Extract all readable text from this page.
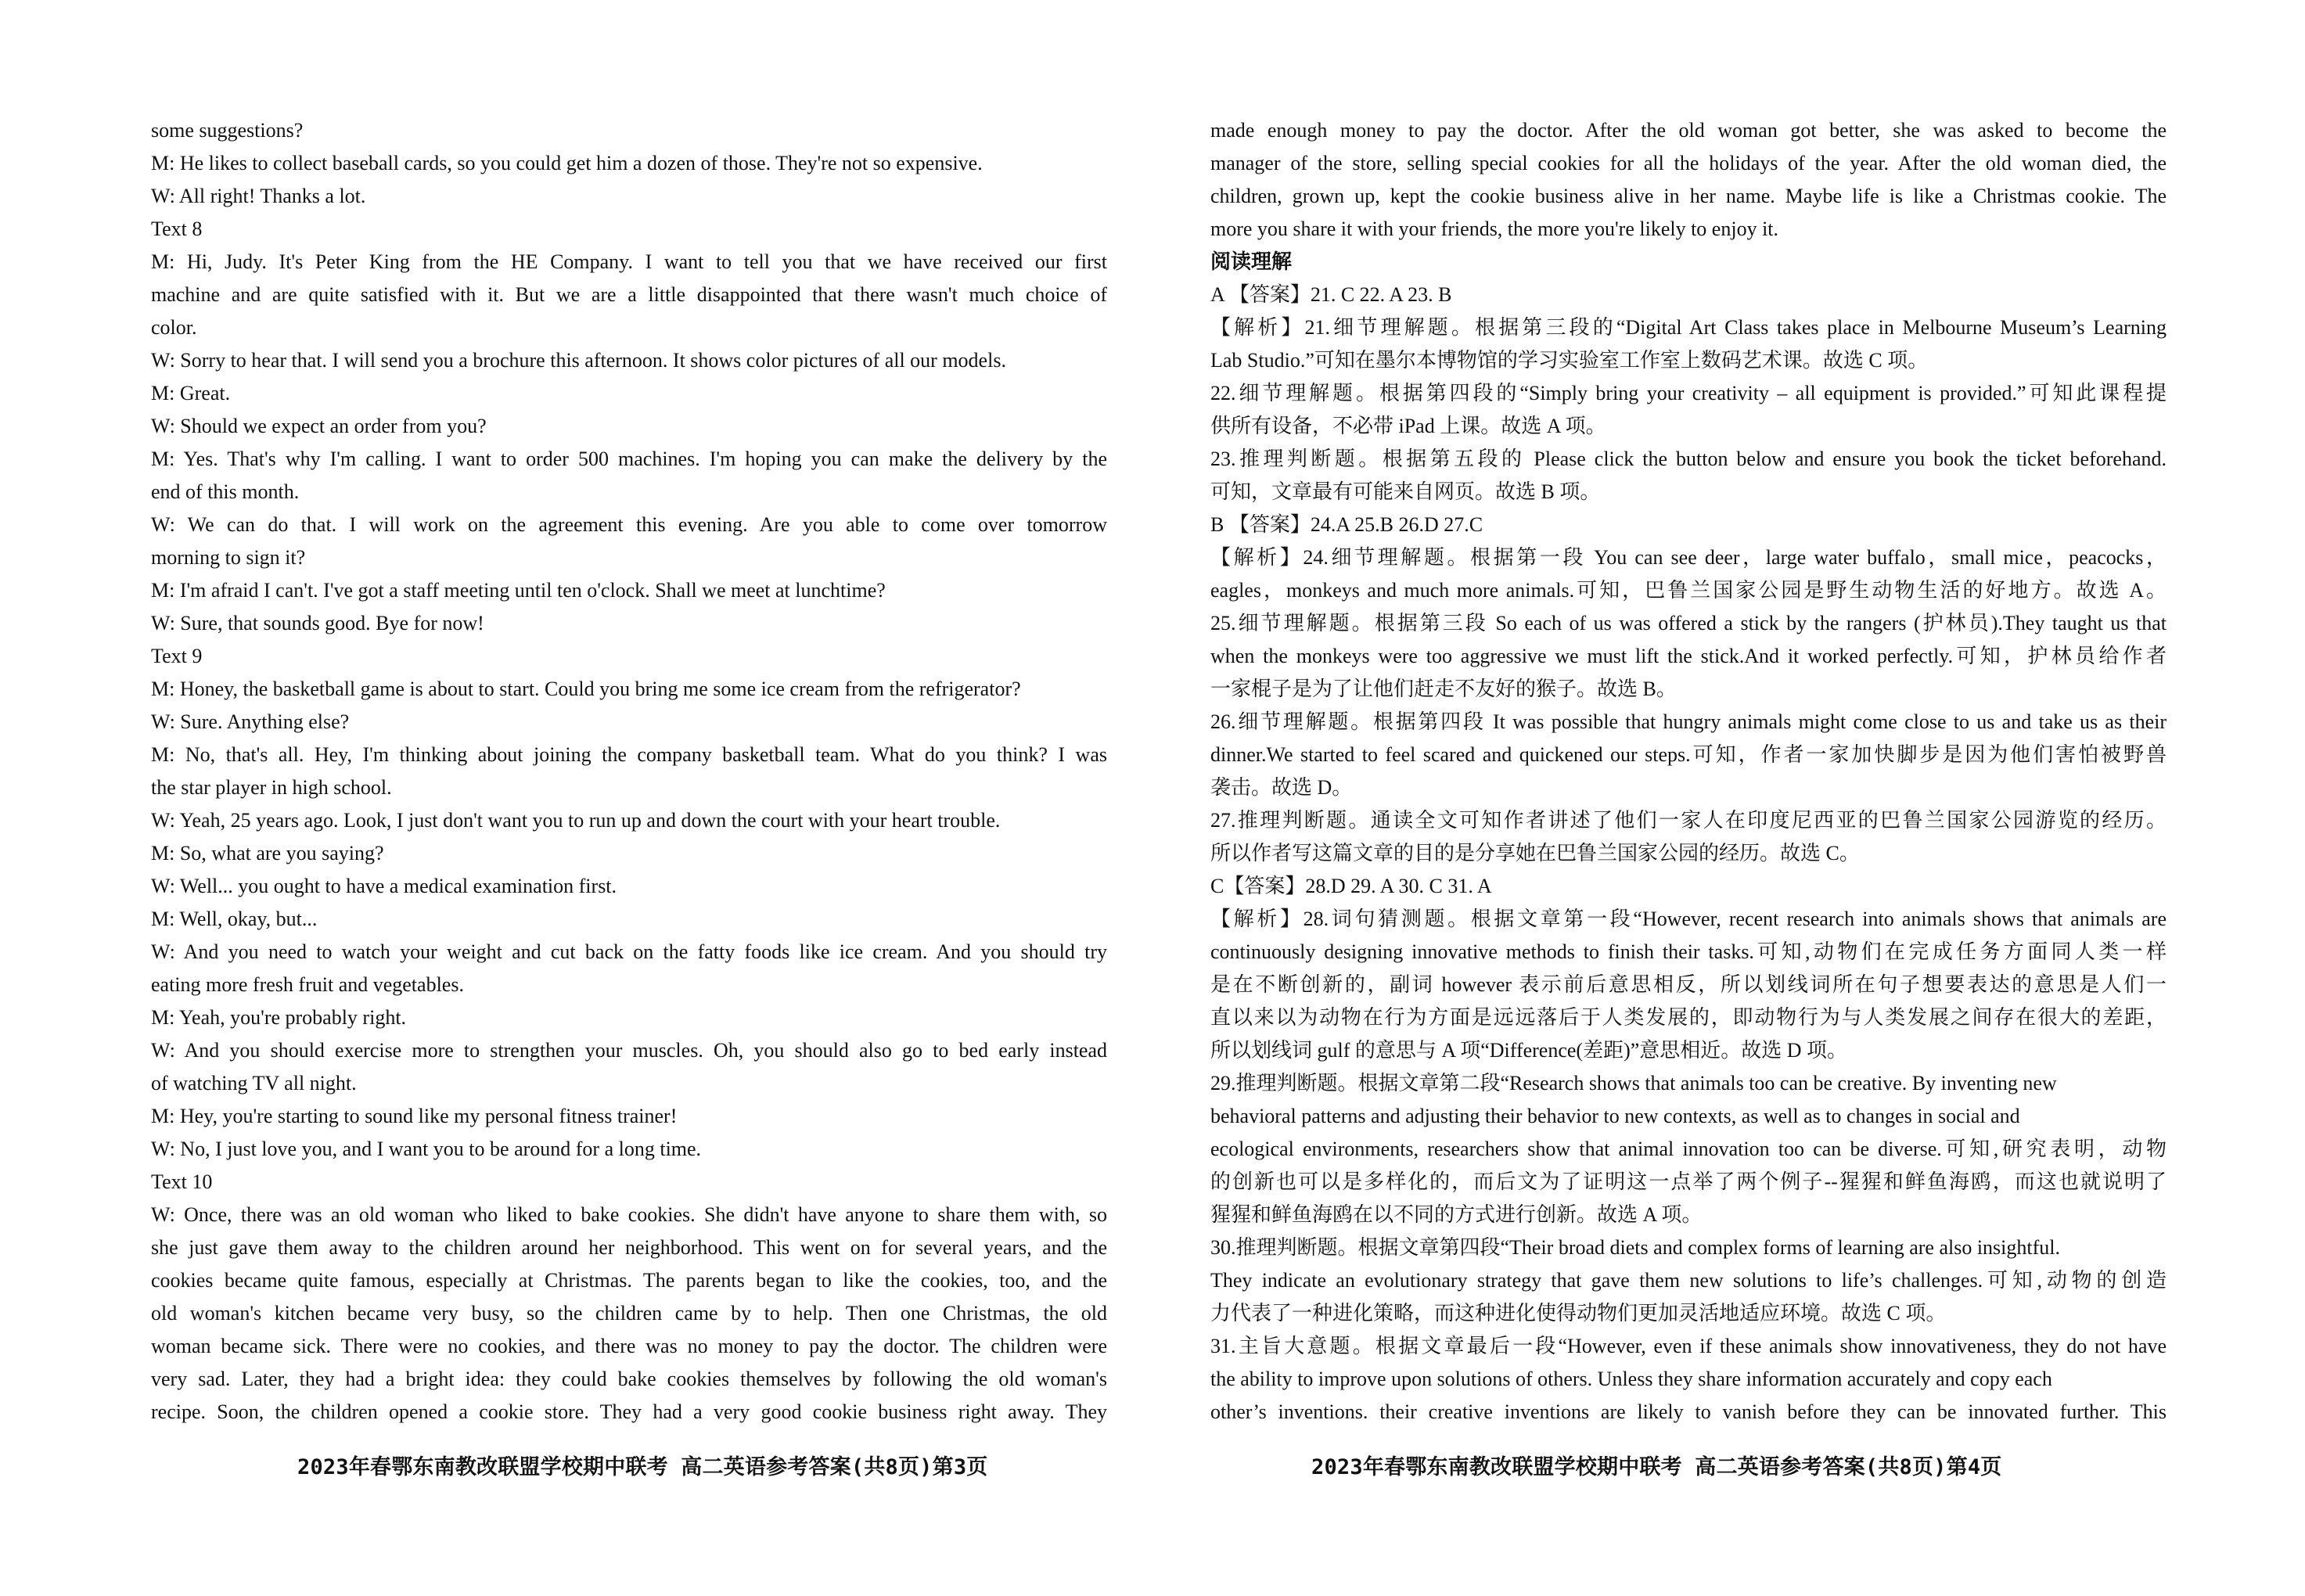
some suggestions?
M: He likes to collect baseball cards, so you could get him a dozen of those. They're not so expensive.
W: All right! Thanks a lot.
Text 8
M: Hi, Judy. It's Peter King from the HE Company. I want to tell you that we have received our first
machine and are quite satisfied with it. But we are a little disappointed that there wasn't much choice of
color.
W: Sorry to hear that. I will send you a brochure this afternoon. It shows color pictures of all our models.
M: Great.
W: Should we expect an order from you?
M: Yes. That's why I'm calling. I want to order 500 machines. I'm hoping you can make the delivery by the
end of this month.
W: We can do that. I will work on the agreement this evening. Are you able to come over tomorrow
morning to sign it?
M: I'm afraid I can't. I've got a staff meeting until ten o'clock. Shall we meet at lunchtime?
W: Sure, that sounds good. Bye for now!
Text 9
M: Honey, the basketball game is about to start. Could you bring me some ice cream from the refrigerator?
W: Sure. Anything else?
M: No, that's all. Hey, I'm thinking about joining the company basketball team. What do you think? I was
the star player in high school.
W: Yeah, 25 years ago. Look, I just don't want you to run up and down the court with your heart trouble.
M: So, what are you saying?
W: Well... you ought to have a medical examination first.
M: Well, okay, but...
W: And you need to watch your weight and cut back on the fatty foods like ice cream. And you should try
eating more fresh fruit and vegetables.
M: Yeah, you're probably right.
W: And you should exercise more to strengthen your muscles. Oh, you should also go to bed early instead
of watching TV all night.
M: Hey, you're starting to sound like my personal fitness trainer!
W: No, I just love you, and I want you to be around for a long time.
Text 10
W: Once, there was an old woman who liked to bake cookies. She didn't have anyone to share them with, so
she just gave them away to the children around her neighborhood. This went on for several years, and the
cookies became quite famous, especially at Christmas. The parents began to like the cookies, too, and the
old woman's kitchen became very busy, so the children came by to help. Then one Christmas, the old
woman became sick. There were no cookies, and there was no money to pay the doctor. The children were
very sad. Later, they had a bright idea: they could bake cookies themselves by following the old woman's
recipe. Soon, the children opened a cookie store. They had a very good cookie business right away. They
made enough money to pay the doctor. After the old woman got better, she was asked to become the
manager of the store, selling special cookies for all the holidays of the year. After the old woman died, the
children, grown up, kept the cookie business alive in her name. Maybe life is like a Christmas cookie. The
more you share it with your friends, the more you're likely to enjoy it.
阅读理解
A 【答案】21. C 22. A 23. B
【解析】21.细节理解题。根据第三段的“Digital Art Class takes place in Melbourne Museum’s Learning
Lab Studio.”可知在墨尔本博物馆的学习实验室工作室上数码艺术课。故选 C 项。
22.细节理解题。根据第四段的“Simply bring your creativity – all equipment is provided.”可知此课程提
供所有设备，不必带 iPad 上课。故选 A 项。
23.推理判断题。根据第五段的 Please click the button below and ensure you book the ticket beforehand.
可知，文章最有可能来自网页。故选 B 项。
B 【答案】24.A 25.B 26.D 27.C
【解析】24.细节理解题。根据第一段 You can see deer，large water buffalo，small mice，peacocks，
eagles，monkeys and much more animals.可知，巴鲁兰国家公园是野生动物生活的好地方。故选 A。
25.细节理解题。根据第三段 So each of us was offered a stick by the rangers (护林员).They taught us that
when the monkeys were too aggressive we must lift the stick.And it worked perfectly.可知，护林员给作者
一家棍子是为了让他们赶走不友好的猴子。故选 B。
26.细节理解题。根据第四段 It was possible that hungry animals might come close to us and take us as their
dinner.We started to feel scared and quickened our steps.可知，作者一家加快脚步是因为他们害怕被野兽
袭击。故选 D。
27.推理判断题。通读全文可知作者讲述了他们一家人在印度尼西亚的巴鲁兰国家公园游览的经历。
所以作者写这篇文章的目的是分享她在巴鲁兰国家公园的经历。故选 C。
C【答案】28.D 29. A 30. C 31. A
【解析】28.词句猜测题。根据文章第一段“However, recent research into animals shows that animals are
continuously designing innovative methods to finish their tasks.可知,动物们在完成任务方面同人类一样
是在不断创新的，副词 however 表示前后意思相反，所以划线词所在句子想要表达的意思是人们一
直以来以为动物在行为方面是远远落后于人类发展的，即动物行为与人类发展之间存在很大的差距，
所以划线词 gulf 的意思与 A 项“Difference(差距)”意思相近。故选 D 项。
29.推理判断题。根据文章第二段“Research shows that animals too can be creative. By inventing new
behavioral patterns and adjusting their behavior to new contexts, as well as to changes in social and
ecological environments, researchers show that animal innovation too can be diverse.可知,研究表明，动物
的创新也可以是多样化的，而后文为了证明这一点举了两个例子--猩猩和鲜鱼海鸥，而这也就说明了
猩猩和鲜鱼海鸥在以不同的方式进行创新。故选 A 项。
30.推理判断题。根据文章第四段“Their broad diets and complex forms of learning are also insightful.
They indicate an evolutionary strategy that gave them new solutions to life’s challenges.可知,动物的创造
力代表了一种进化策略，而这种进化使得动物们更加灵活地适应环境。故选 C 项。
31.主旨大意题。根据文章最后一段“However, even if these animals show innovativeness, they do not have
the ability to improve upon solutions of others. Unless they share information accurately and copy each
other’s inventions. their creative inventions are likely to vanish before they can be innovated further. This
2023年春鄂东南教改联盟学校期中联考 高二英语参考答案(共8页)第3页	2023年春鄂东南教改联盟学校期中联考 高二英语参考答案(共8页)第4页
